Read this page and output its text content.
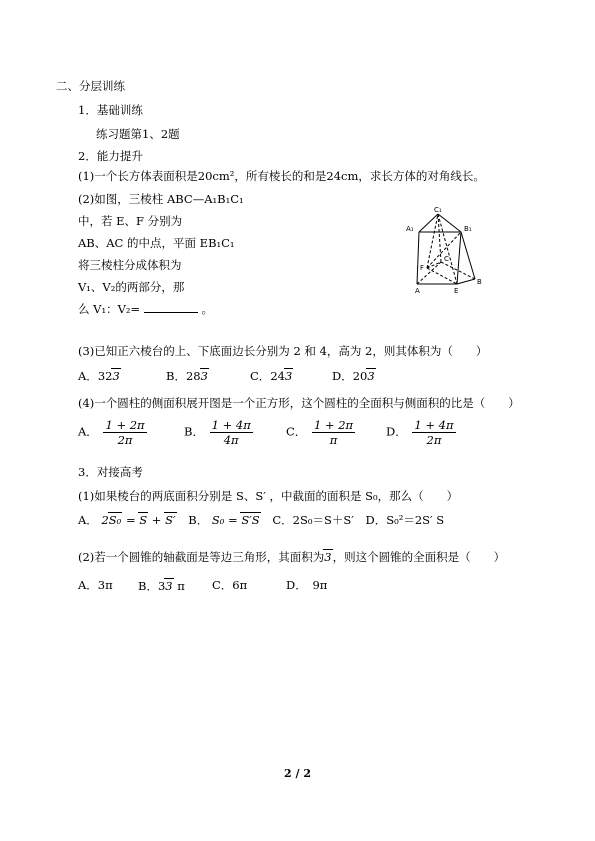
二、分层训练
1．基础训练
练习题第1、2题
2．能力提升
(1)一个长方体表面积是20cm²，所有棱长的和是24cm，求长方体的对角线长。
(2)如图，三棱柱 ABC—A₁B₁C₁
中，若 E、F 分别为
AB、AC 的中点，平面 EB₁C₁
将三棱柱分成体积为
V₁、V₂的两部分，那
么 V₁：V₂=	。
C₁
A₁	B₁
C
F
A	E
B
(3)已知正六棱台的上、下底面边长分别为 2 和 4，高为 2，则其体积为（　　）
A．323	B．283	C．243	D．203
(4)一个圆柱的侧面积展开图是一个正方形，这个圆柱的全面积与侧面积的比是（　　）
A． $\frac{1 + 2\pi}{2\pi}$	B． $\frac{1 + 4\pi}{4\pi}$	C． $\frac{1 + 2\pi}{\pi}$	D． $\frac{1 + 4\pi}{2\pi}$
3．对接高考
(1)如果棱台的两底面积分别是 S、S′ ，中截面的面积是 S₀，那么（　　）
A． 2S₀ = S + S′ B． S₀ = S′S C．2S₀＝S＋S′ D．S₀²＝2S′ S
(2)若一个圆锥的轴截面是等边三角形，其面积为3，则这个圆锥的全面积是（　　）
A．3π B．33 π C．6π	D．　9π
2 / 2
